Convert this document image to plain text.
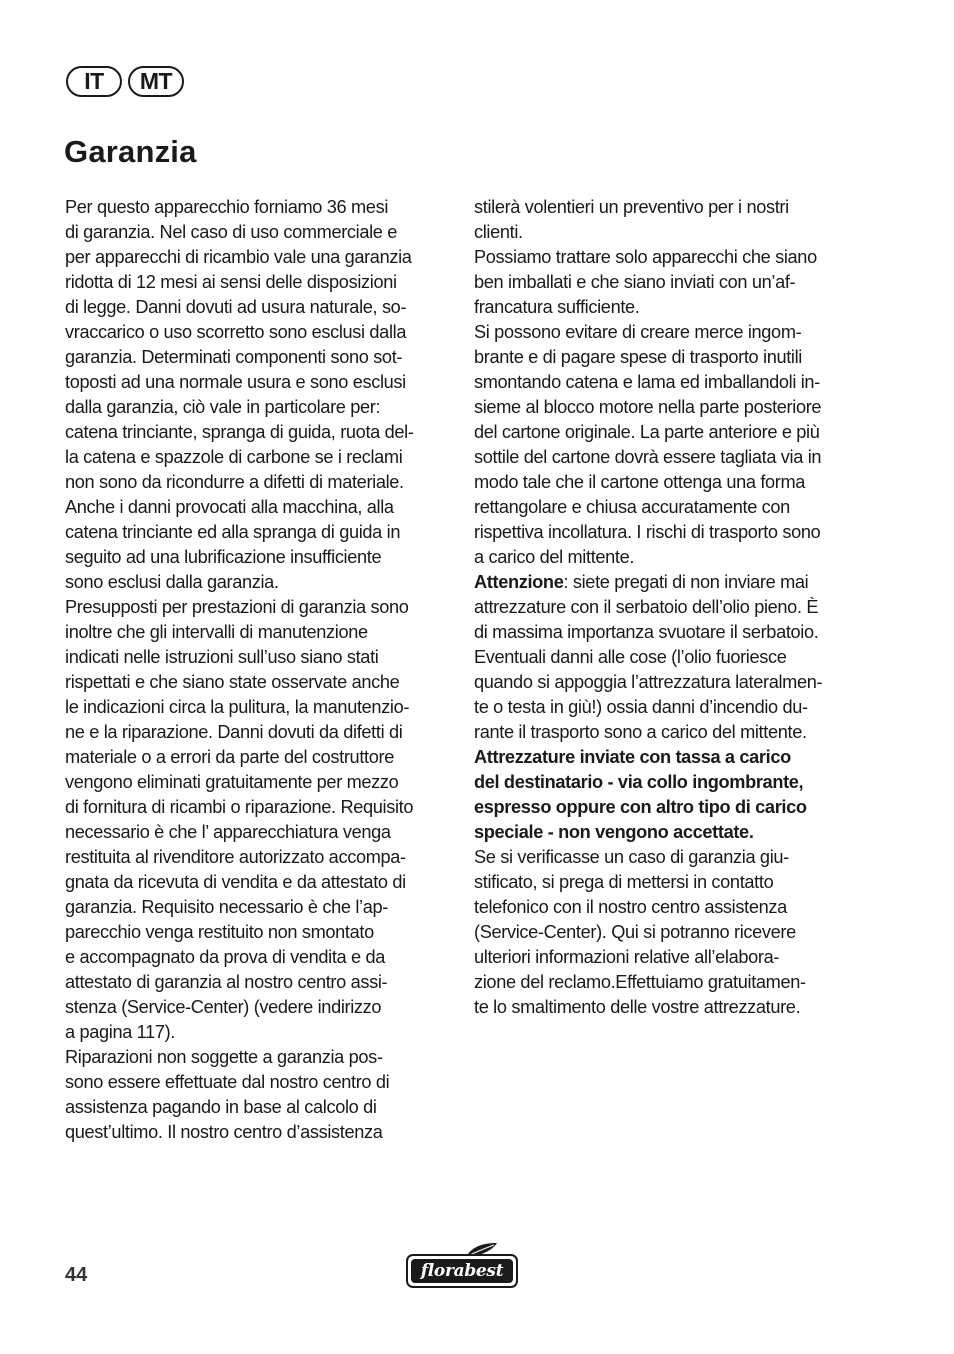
IT	MT
Garanzia
Per questo apparecchio forniamo 36 mesi
di garanzia. Nel caso di uso commerciale e
per apparecchi di ricambio vale una garanzia
ridotta di 12 mesi ai sensi delle disposizioni
di legge. Danni dovuti ad usura naturale, so-
vraccarico o uso scorretto sono esclusi dalla
garanzia. Determinati componenti sono sot-
toposti ad una normale usura e sono esclusi
dalla garanzia, ciò vale in particolare per:
catena trinciante, spranga di guida, ruota del-
la catena e spazzole di carbone se i reclami
non sono da ricondurre a difetti di materiale.
Anche i danni provocati alla macchina, alla
catena trinciante ed alla spranga di guida in
seguito ad una lubrificazione insufficiente
sono esclusi dalla garanzia.
Presupposti per prestazioni di garanzia sono
inoltre che gli intervalli di manutenzione
indicati nelle istruzioni sull’uso siano stati
rispettati e che siano state osservate anche
le indicazioni circa la pulitura, la manutenzio-
ne e la riparazione. Danni dovuti da difetti di
materiale o a errori da parte del costruttore
vengono eliminati gratuitamente per mezzo
di fornitura di ricambi o riparazione. Requisito
necessario è che l’ apparecchiatura venga
restituita al rivenditore autorizzato accompa-
gnata da ricevuta di vendita e da attestato di
garanzia. Requisito necessario è che l’ap-
parecchio venga restituito non smontato
e accompagnato da prova di vendita e da
attestato di garanzia al nostro centro assi-
stenza (Service-Center) (vedere indirizzo
a pagina 117).
Riparazioni non soggette a garanzia pos-
sono essere effettuate dal nostro centro di
assistenza pagando in base al calcolo di
quest’ultimo. Il nostro centro d’assistenza
stilerà volentieri un preventivo per i nostri
clienti.
Possiamo trattare solo apparecchi che siano
ben imballati e che siano inviati con un’af-
francatura sufficiente.
Si possono evitare di creare merce ingom-
brante e di pagare spese di trasporto inutili
smontando catena e lama ed imballandoli in-
sieme al blocco motore nella parte posteriore
del cartone originale. La parte anteriore e più
sottile del cartone dovrà essere tagliata via in
modo tale che il cartone ottenga una forma
rettangolare e chiusa accuratamente con
rispettiva incollatura. I rischi di trasporto sono
a carico del mittente.
Attenzione: siete pregati di non inviare mai
attrezzature con il serbatoio dell’olio pieno. È
di massima importanza svuotare il serbatoio.
Eventuali danni alle cose (l’olio fuoriesce
quando si appoggia l’attrezzatura lateralmen-
te o testa in giù!) ossia danni d’incendio du-
rante il trasporto sono a carico del mittente.
Attrezzature inviate con tassa a carico
del destinatario - via collo ingombrante,
espresso oppure con altro tipo di carico
speciale - non vengono accettate.
Se si verificasse un caso di garanzia giu-
stificato, si prega di mettersi in contatto
telefonico con il nostro centro assistenza
(Service-Center). Qui si potranno ricevere
ulteriori informazioni relative all’elabora-
zione del reclamo.Effettuiamo gratuitamen-
te lo smaltimento delle vostre attrezzature.
44	florabest
